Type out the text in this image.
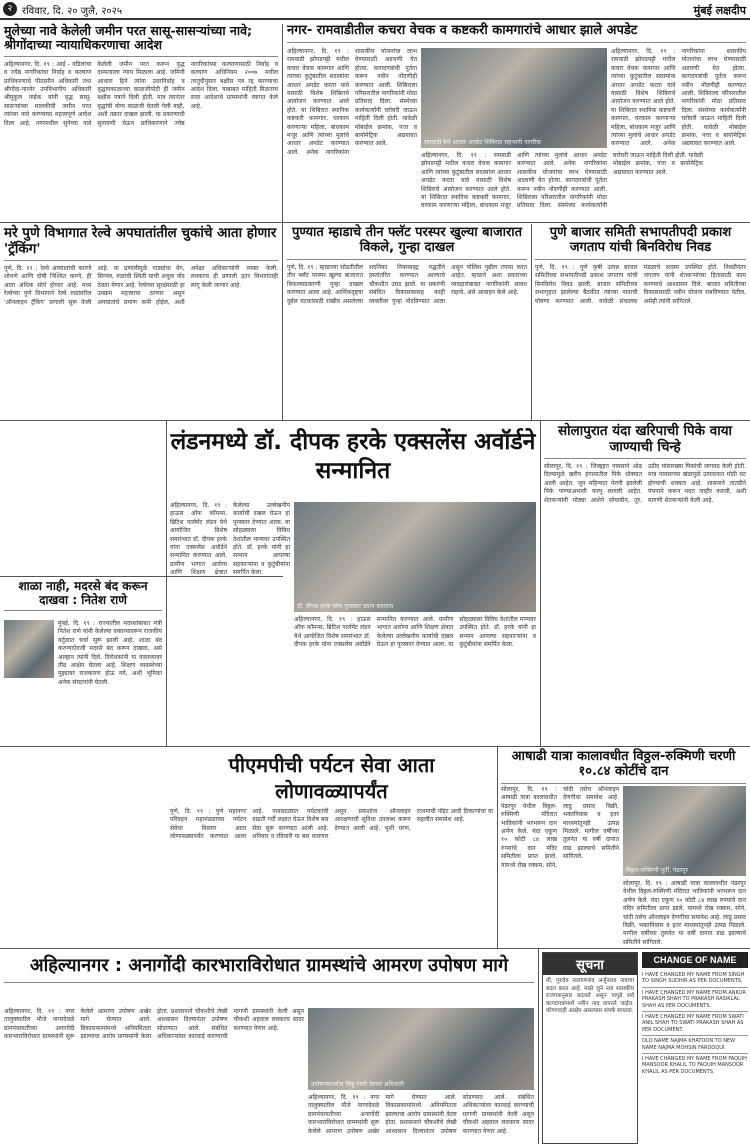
२ रविवार, दि. २० जुलै, २०२५	मुंबई लक्षदीप
मुलेच्या नावे केलेली जमीन परत सासू-सासऱ्यांच्या नावे; श्रीगोंदाच्या न्यायाधिकरणाचा आदेश
अहिल्यानगर, दि. १९ : आई - वडिलांचा व ज्येष्ठ नागरिकांचा निर्वाह व कल्याण प्राधिकरणाचे पीठासीन अधिकारी तथा श्रीगोंदा-पारनेर उपविभागीय अधिकारी श्रीमुकुल नाईक यांनी वृद्ध सासू-सासऱ्यांच्या मालकीची जमीन परत त्यांच्या नावे करण्याचा महत्त्वपूर्ण आदेश दिला आहे. नगरमधील सुनेच्या नावे केलेली जमीन परत करून वृद्ध दाम्पत्याला न्याय मिळाला आहे. जमिनी आधारा हिने त्यांना उदरनिर्वाह व वृद्धापकाळाच्या काळजीपोटी ही जमीन बक्षीस पत्राने दिली होती. मात्र त्यानंतर वृद्धांची योग्य काळजी घेतली गेली नाही, अशी तक्रार दाखल झाली. या प्रकरणाची सुनावणी घेऊन प्राधिकरणाने ज्येष्ठ नागरिकांच्या कल्याणासाठी निर्वाह व कल्याण अधिनियम २००७ मधील तरतुदीनुसार बक्षीस पत्र रद्द करण्याचा आदेश दिला. याबाबत माहिती मिळताच सदर आदेशाचे ग्रामस्थांनी स्वागत केले आहे.
नगर- रामवाडीतील कचरा वेचक व कष्टकरी कामगारांचे आधार झाले अपडेट
अहिल्यानगर, दि. १९ : रामवाडी झोपडपट्टी मधील कचरा वेचक कामगार आणि त्यांच्या कुटुंबातील सदस्यांना आधार अपडेट करता यावे यासाठी विशेष शिबिराचे आयोजन करण्यात आले होते. या शिबिरात स्थानिक कष्टकरी कामगार, घरकाम करणाऱ्या महिला, बांधकाम मजूर आणि त्यांच्या मुलांचे आधार अपडेट करण्यात आले. अनेक नागरिकांना शासकीय योजनांचा लाभ घेण्यासाठी अडचणी येत होत्या. कागदपत्रांची पूर्तता करून नवीन नोंदणीही करण्यात आली. शिबिराला परिसरातील नागरिकांनी मोठा प्रतिसाद दिला. संस्थेच्या कार्यकर्त्यांनी घरोघरी जाऊन माहिती दिली होती. यावेळी मोबाईल क्रमांक, पत्ता व बायोमेट्रिक अद्ययावत करण्यात आले.	रामवाडी येथे आधार अपडेट शिबिरात सहभागी नागरिक
अहिल्यानगर, दि. १९ : रामवाडी झोपडपट्टी मधील कचरा वेचक कामगार आणि त्यांच्या कुटुंबातील सदस्यांना आधार अपडेट करता यावे यासाठी विशेष शिबिराचे आयोजन करण्यात आले होते. या शिबिरात स्थानिक कष्टकरी कामगार, घरकाम करणाऱ्या महिला, बांधकाम मजूर आणि त्यांच्या मुलांचे आधार अपडेट करण्यात आले. अनेक नागरिकांना शासकीय योजनांचा लाभ घेण्यासाठी अडचणी येत होत्या. कागदपत्रांची पूर्तता करून नवीन नोंदणीही करण्यात आली. शिबिराला परिसरातील नागरिकांनी मोठा प्रतिसाद दिला. संस्थेच्या कार्यकर्त्यांनी घरोघरी जाऊन माहिती दिली होती. यावेळी मोबाईल क्रमांक, पत्ता व बायोमेट्रिक अद्ययावत करण्यात आले.
अहिल्यानगर, दि. १९ : रामवाडी झोपडपट्टी मधील कचरा वेचक कामगार आणि त्यांच्या कुटुंबातील सदस्यांना आधार अपडेट करता यावे यासाठी विशेष शिबिराचे आयोजन करण्यात आले होते. या शिबिरात स्थानिक कष्टकरी कामगार, घरकाम करणाऱ्या महिला, बांधकाम मजूर आणि त्यांच्या मुलांचे आधार अपडेट करण्यात आले. अनेक नागरिकांना शासकीय योजनांचा लाभ घेण्यासाठी अडचणी येत होत्या. कागदपत्रांची पूर्तता करून नवीन नोंदणीही करण्यात आली. शिबिराला परिसरातील नागरिकांनी मोठा प्रतिसाद दिला. संस्थेच्या कार्यकर्त्यांनी घरोघरी जाऊन माहिती दिली होती. यावेळी मोबाईल क्रमांक, पत्ता व बायोमेट्रिक अद्ययावत करण्यात आले.
मरे पुणे विभागात रेल्वे अपघातांतील चुकांचे आता होणार 'ट्रॅकिंग'
पुणे, दि. १९ : रेल्वे अपघातांची कारणे शोधणे आणि दोषी निश्चित करणे, ही आता अधिक सोपे होणार आहे. मध्य रेल्वेच्या पुणे विभागाने रेल्वे रुळांवरील 'ऑनलाइन ट्रॅकिंग' प्रणाली सुरू केली आहे. या प्रणालीमुळे गाड्यांचा वेग, सिग्नल, रुळांची स्थिती याची अचूक नोंद ठेवता येणार आहे. रेल्वेच्या सुरक्षेसाठी हा उपक्रम महत्त्वाचा ठरणार असून अपघातांचे प्रमाण कमी होईल, अशी अपेक्षा अधिकाऱ्यांनी व्यक्त केली. लवकरच ही प्रणाली इतर विभागांतही लागू केली जाणार आहे.
पुण्यात म्हाडाचे तीन फ्लॅट परस्पर खुल्या बाजारात विकले, गुन्हा दाखल
पुणे, दि. १९ : म्हाडाच्या सोडतीतील तीन फ्लॅट परस्पर खुल्या बाजारात विकल्याप्रकरणी गुन्हा दाखल करण्यात आला आहे. आर्थिकदृष्ट्या दुर्बल घटकांसाठी राखीव असलेल्या सदनिका नियमबाह्य पद्धतीने हस्तांतरित करण्यात आल्याचे चौकशीत उघड झाले. या प्रकरणी संबंधित विकासकासह काही व्यक्तींवर गुन्हा नोंदविण्यात आला असून पोलिस पुढील तपास करत आहेत. म्हाडाने अशा प्रकारच्या व्यवहारांबाबत नागरिकांनी सावध राहावे, असे आवाहन केले आहे.
पुणे बाजार समिती सभापतीपदी प्रकाश जगताप यांची बिनविरोध निवड
पुणे, दि. १९ : पुणे कृषी उत्पन्न बाजार समितीच्या सभापतीपदी प्रकाश जगताप यांची बिनविरोध निवड झाली. बाजार समितीच्या सभागृहात झालेल्या बैठकीत त्यांच्या नावाची घोषणा करण्यात आली. यावेळी संचालक मंडळाचे सदस्य उपस्थित होते. निवडीनंतर जगताप यांनी शेतकऱ्यांच्या हितासाठी काम करण्याचे आश्वासन दिले. बाजार समितीच्या विकासासाठी नवीन योजना राबविण्यात येतील, असेही त्यांनी सांगितले.
लंडनमध्ये डॉ. दीपक हरके एक्सलेंस अवॉर्डने सन्मानित
अहिल्यानगर, दि. १९ : हाऊस ऑफ कॉमन्स, ब्रिटिश पार्लमेंट लंडन येथे आयोजित विशेष समारंभात डॉ. दीपक हरके यांना एक्सलेंस अवॉर्डने सन्मानित करण्यात आले. ग्रामीण भागात आरोग्य आणि शिक्षण क्षेत्रात केलेल्या उल्लेखनीय कार्याची दखल घेऊन हा पुरस्कार देण्यात आला. या सोहळ्याला विविध देशांतील मान्यवर उपस्थित होते. डॉ. हरके यांनी हा सन्मान आपल्या सहकाऱ्यांना व कुटुंबीयांना समर्पित केला.
डॉ. दीपक हरके यांना पुरस्कार प्रदान करताना
अहिल्यानगर, दि. १९ : हाऊस ऑफ कॉमन्स, ब्रिटिश पार्लमेंट लंडन येथे आयोजित विशेष समारंभात डॉ. दीपक हरके यांना एक्सलेंस अवॉर्डने सन्मानित करण्यात आले. ग्रामीण भागात आरोग्य आणि शिक्षण क्षेत्रात केलेल्या उल्लेखनीय कार्याची दखल घेऊन हा पुरस्कार देण्यात आला. या सोहळ्याला विविध देशांतील मान्यवर उपस्थित होते. डॉ. हरके यांनी हा सन्मान आपल्या सहकाऱ्यांना व कुटुंबीयांना समर्पित केला.
सोलापुरात यंदा खरिपाची पिके वाया जाण्याची चिन्हे
सोलापूर, दि. १९ : जिल्ह्यात पावसाने ओढ दिल्यामुळे खरीप हंगामातील पिके धोक्यात आली आहेत. जून महिन्यात पेरणी झालेली पिके पाण्याअभावी करपू लागली आहेत. शेतकऱ्यांनी मोठ्या आशेने सोयाबीन, तूर, उडीद यांसारख्या पिकांची लागवड केली होती. मात्र पावसाच्या खंडामुळे उत्पादनात मोठी घट होण्याची शक्यता आहे. शासनाने तातडीने पंचनामे करून मदत जाहीर करावी, अशी मागणी शेतकऱ्यांनी केली आहे.
शाळा नाही, मदरसे बंद करून दाखवा : नितेश राणे
मुंबई, दि. १९ : राज्यातील मदरशांबाबत मंत्री नितेश राणे यांनी केलेल्या वक्तव्यावरून राजकीय वर्तुळात चर्चा सुरू झाली आहे. शाळा बंद करण्याऐवजी मदरसे बंद करून दाखवा, असे आव्हान त्यांनी दिले. विरोधकांनी या वक्तव्यावर तीव्र आक्षेप घेतला आहे. शिक्षण व्यवस्थेच्या मुद्द्यावर राजकारण होऊ नये, अशी भूमिका अनेक संघटनांनी घेतली.
पीएमपीची पर्यटन सेवा आता लोणावळ्यापर्यंत
पुणे, दि. १९ : पुणे महानगर परिवहन महामंडळाच्या पर्यटन सेवेचा विस्तार आता लोणावळ्यापर्यंत करण्यात आला आहे. पावसाळ्यात पर्यटकांची वाढती गर्दी लक्षात घेऊन विशेष बस सेवा सुरू करण्यात आली आहे. शनिवार व रविवारी या बस धावणार असून प्रवाशांना ऑनलाइन आरक्षणाची सुविधा उपलब्ध करून देण्यात आली आहे. भुशी धरण, राजमाची पॉइंट आदी ठिकाणांचा या सहलीत समावेश आहे.
आषाढी यात्रा कालावधीत विठ्ठल-रुक्मिणी चरणी १०.८४ कोटींचे दान
सोलापूर, दि. १९ : आषाढी यात्रा कालावधीत पंढरपूर येथील विठ्ठल-रुक्मिणी मंदिरात भाविकांनी भरभरून दान अर्पण केले. यंदा एकूण १० कोटी ८४ लाख रुपयांचे दान मंदिर समितीला प्राप्त झाले. यामध्ये रोख रक्कम, सोने, चांदी तसेच ऑनलाइन देणगीचा समावेश आहे. लाडू प्रसाद विक्री, भक्तनिवास व इतर माध्यमांतूनही उत्पन्न मिळाले. मागील वर्षीच्या तुलनेत या वर्षी दानात वाढ झाल्याचे समितीने सांगितले.
विठ्ठल-रुक्मिणी मूर्ती, पंढरपूर
सोलापूर, दि. १९ : आषाढी यात्रा कालावधीत पंढरपूर येथील विठ्ठल-रुक्मिणी मंदिरात भाविकांनी भरभरून दान अर्पण केले. यंदा एकूण १० कोटी ८४ लाख रुपयांचे दान मंदिर समितीला प्राप्त झाले. यामध्ये रोख रक्कम, सोने, चांदी तसेच ऑनलाइन देणगीचा समावेश आहे. लाडू प्रसाद विक्री, भक्तनिवास व इतर माध्यमांतूनही उत्पन्न मिळाले. मागील वर्षीच्या तुलनेत या वर्षी दानात वाढ झाल्याचे समितीने सांगितले.
अहिल्यानगर : अनागोंदी कारभाराविरोधात ग्रामस्थांचे आमरण उपोषण मागे
अहिल्यानगर, दि. १९ : नगर तालुक्यातील मौजे नागरदेवळे ग्रामपंचायतीच्या अनागोंदी कारभाराविरोधात ग्रामस्थांनी सुरू केलेले आमरण उपोषण अखेर मागे घेण्यात आले. विकासकामांमध्ये अनियमितता झाल्याचा आरोप ग्रामस्थांनी केला होता. प्रशासनाने चौकशीचे लेखी आश्वासन दिल्यानंतर उपोषण सोडण्यात आले. संबंधित अधिकाऱ्यांवर कारवाई करण्याची मागणी ग्रामस्थांनी केली असून चौकशी अहवाल लवकरच सादर करण्यात येणार आहे.
उपोषणकर्त्यांना लिंबू पाणी देताना अधिकारी
अहिल्यानगर, दि. १९ : नगर तालुक्यातील मौजे नागरदेवळे ग्रामपंचायतीच्या अनागोंदी कारभाराविरोधात ग्रामस्थांनी सुरू केलेले आमरण उपोषण अखेर मागे घेण्यात आले. विकासकामांमध्ये अनियमितता झाल्याचा आरोप ग्रामस्थांनी केला होता. प्रशासनाने चौकशीचे लेखी आश्वासन दिल्यानंतर उपोषण सोडण्यात आले. संबंधित अधिकाऱ्यांवर कारवाई करण्याची मागणी ग्रामस्थांनी केली असून चौकशी अहवाल लवकरच सादर करण्यात येणार आहे.
सूचना
मी, गुरुदेव नारायणराव अर्जुनराव नावाचा बदल करत आहे. माझे जुने नाव शासकीय राजपत्रानुसार बदलले असून यापुढे सर्व कागदपत्रांमध्ये नवीन नाव वापरले जाईल. कोणाचाही आक्षेप असल्यास संपर्क साधावा.
CHANGE OF NAME
I HAVE CHANGED MY NAME FROM SINGH TO SINGH SUDHIR AS PER DOCUMENTS.
I HAVE CHANGED MY NAME FROM ANKUR PRAKASH SHAH TO PRAKASH RASIKLAL SHAH AS PER DOCUMENTS.
I HAVE CHANGED MY NAME FROM SWATI ANIL SHAH TO SWATI PRAKASH SHAH AS PER DOCUMENT.
OLD NAME NAJMA KHATOON TO NEW NAME NAJMA MOHSIN FAROOQUI.
I HAVE CHANGED MY NAME FROM FAQUIH MANSOOR KHALIL TO FAQUIH MANSOOR KHALIL AS PER DOCUMENTS.
